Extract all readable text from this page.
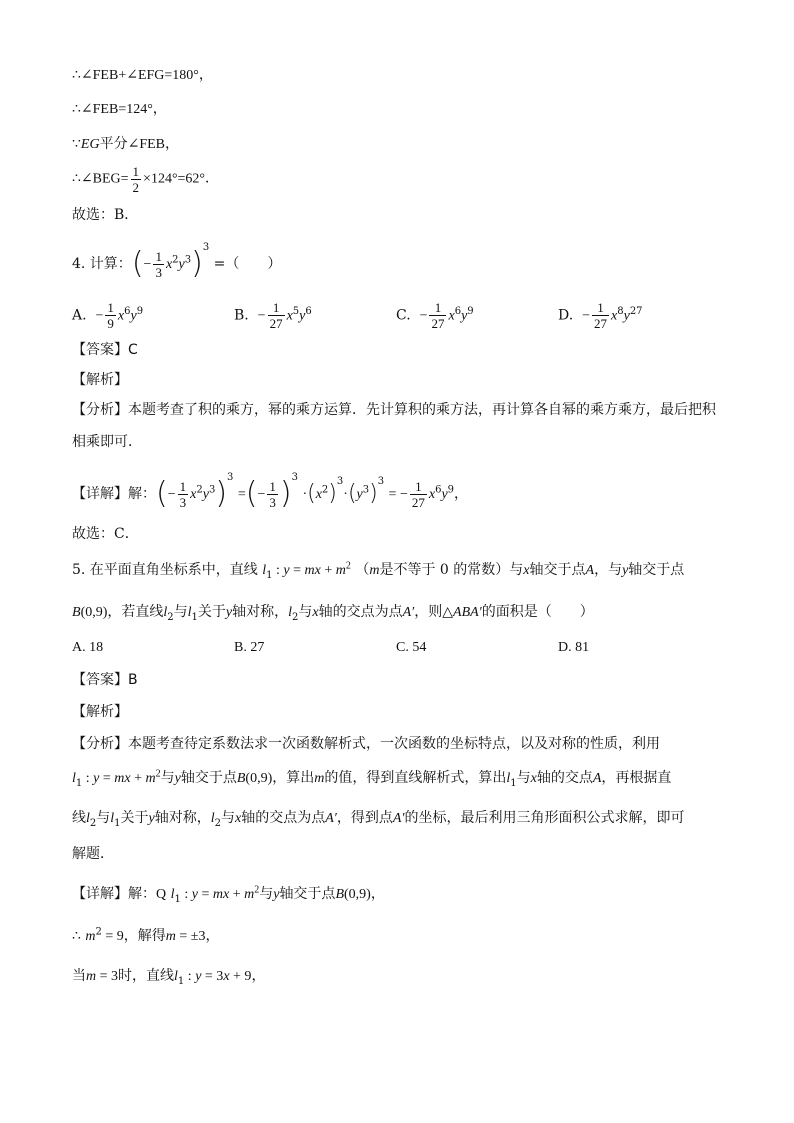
∴∠FEB+∠EFG=180°，
∴∠FEB=124°，
∵EG平分∠FEB，
∴∠BEG= $\frac{1}{2} \times 124^\circ=62^\circ$．
故选：B．
4. 计算：(− $\frac{1}{3} x^2y^3)^3$ =（　　）
A. − $\frac{1}{9} x^6y^9$	B. − $\frac{1}{27} x^5y^6$	C. − $\frac{1}{27} x^6y^9$	D. − $\frac{1}{27} x^8y^{27}$
【答案】C
【解析】
【分析】本题考查了积的乘方，幂的乘方运算．先计算积的乘方法，再计算各自幂的乘方乘方，最后把积
相乘即可．
【详解】解：(− $\frac{1}{3} x^2y^3)^3$ =(− $\frac{1}{3} )^3 \cdot(x^2)^3\cdot(y^3)^3$ = − $\frac{1}{27} x^6y^9$，
故选：C．
5. 在平面直角坐标系中，直线 $l_1$ : y = mx + $m^2$ （m是不等于 0 的常数）与x轴交于点A，与y轴交于点
B(0,9)，若直线$l_2$与$l_1$关于y轴对称，$l_2$与x轴的交点为点A′，则△ABA′的面积是（　　）
A. 18	B. 27	C. 54	D. 81
【答案】B
【解析】
【分析】本题考查待定系数法求一次函数解析式，一次函数的坐标特点，以及对称的性质，利用
$l_1$ : y = mx + $m^2$与y轴交于点B(0,9)，算出m的值，得到直线解析式，算出$l_1$与x轴的交点A，再根据直
线$l_2$与$l_1$关于y轴对称，$l_2$与x轴的交点为点A′，得到点A′的坐标，最后利用三角形面积公式求解，即可
解题．
【详解】解：Q $l_1$ : y = mx + $m^2$与y轴交于点B(0,9)，
∴ $m^2 = 9$，解得m = ±3，
当m = 3时，直线$l_1$ : y = 3x + 9，
